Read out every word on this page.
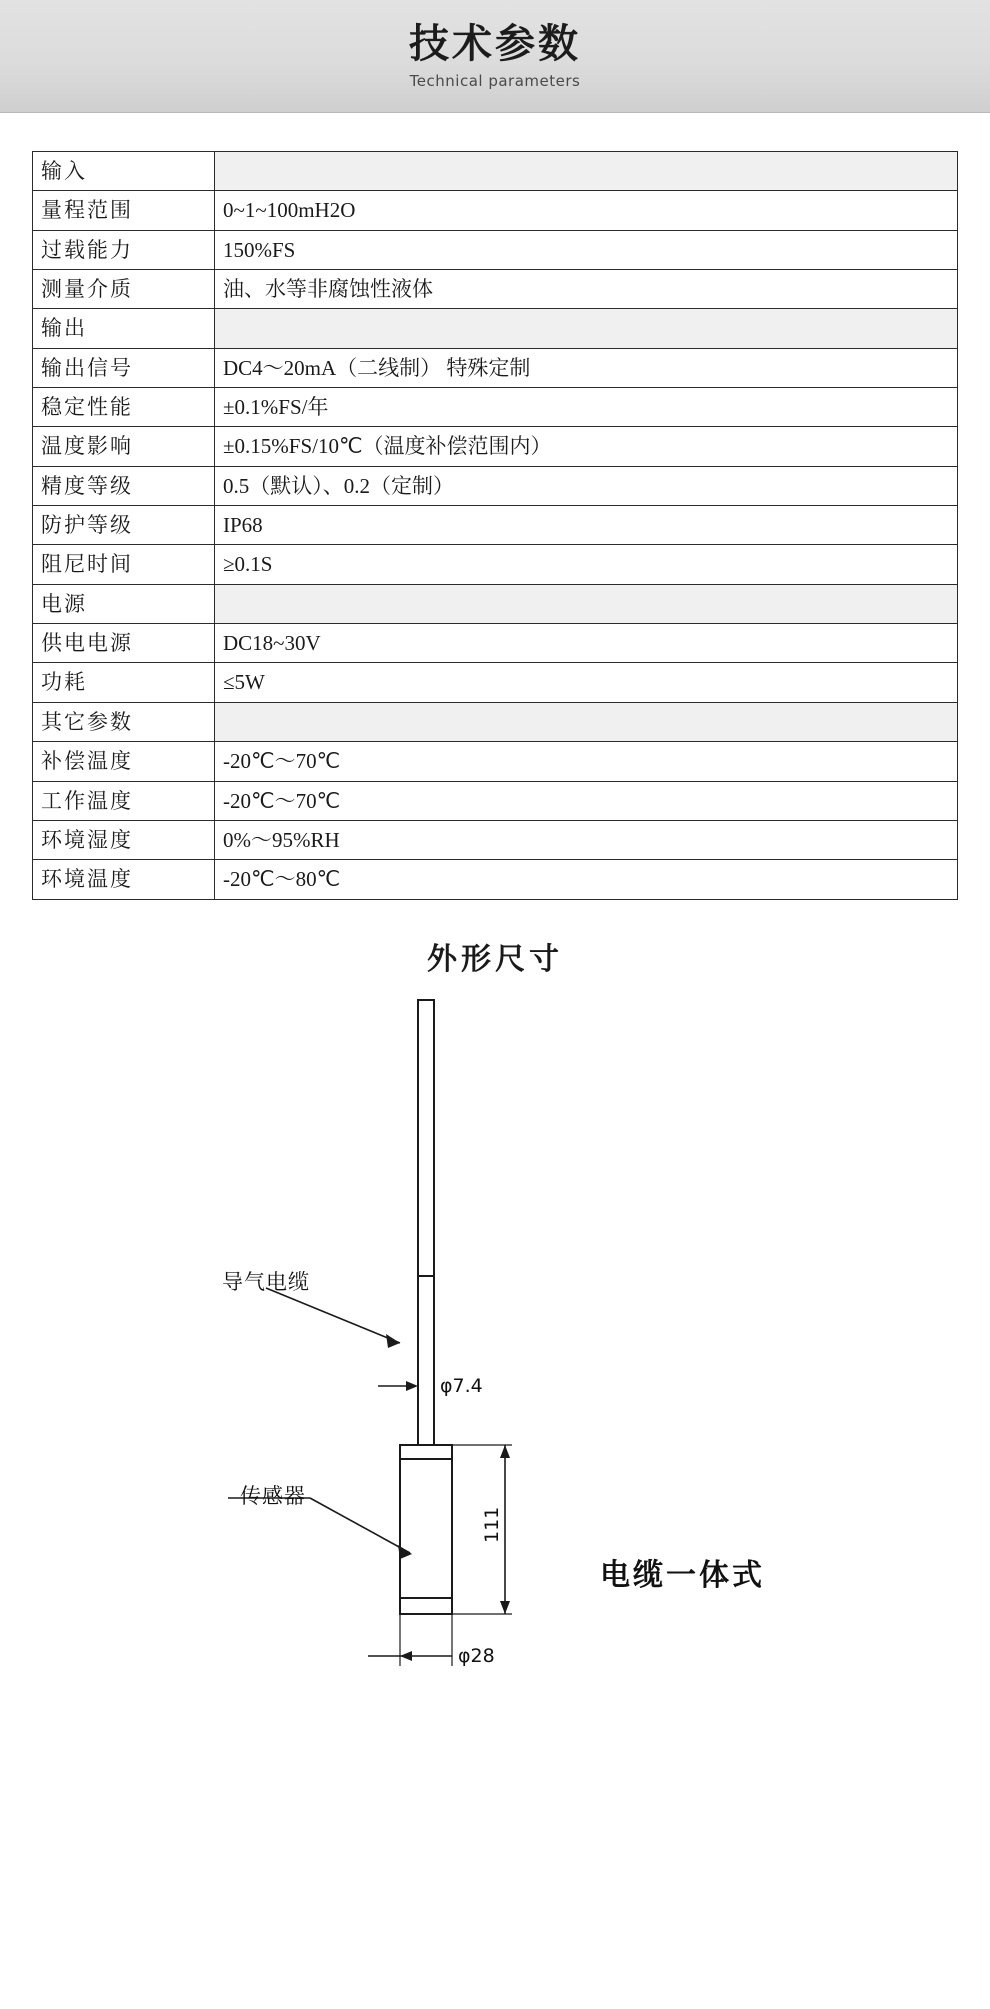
技术参数
Technical parameters
输入	
量程范围	0~1~100mH2O
过载能力	150%FS
测量介质	油、水等非腐蚀性液体
输出	
输出信号	DC4～20mA（二线制） 特殊定制
稳定性能	±0.1%FS/年
温度影响	±0.15%FS/10℃（温度补偿范围内）
精度等级	0.5（默认）、0.2（定制）
防护等级	IP68
阻尼时间	≥0.1S
电源	
供电电源	DC18~30V
功耗	≤5W
其它参数	
补偿温度	-20℃～70℃
工作温度	-20℃～70℃
环境湿度	0%～95%RH
环境温度	-20℃～80℃
外形尺寸
φ7.4
111
φ28
导气电缆
传感器
电缆一体式
